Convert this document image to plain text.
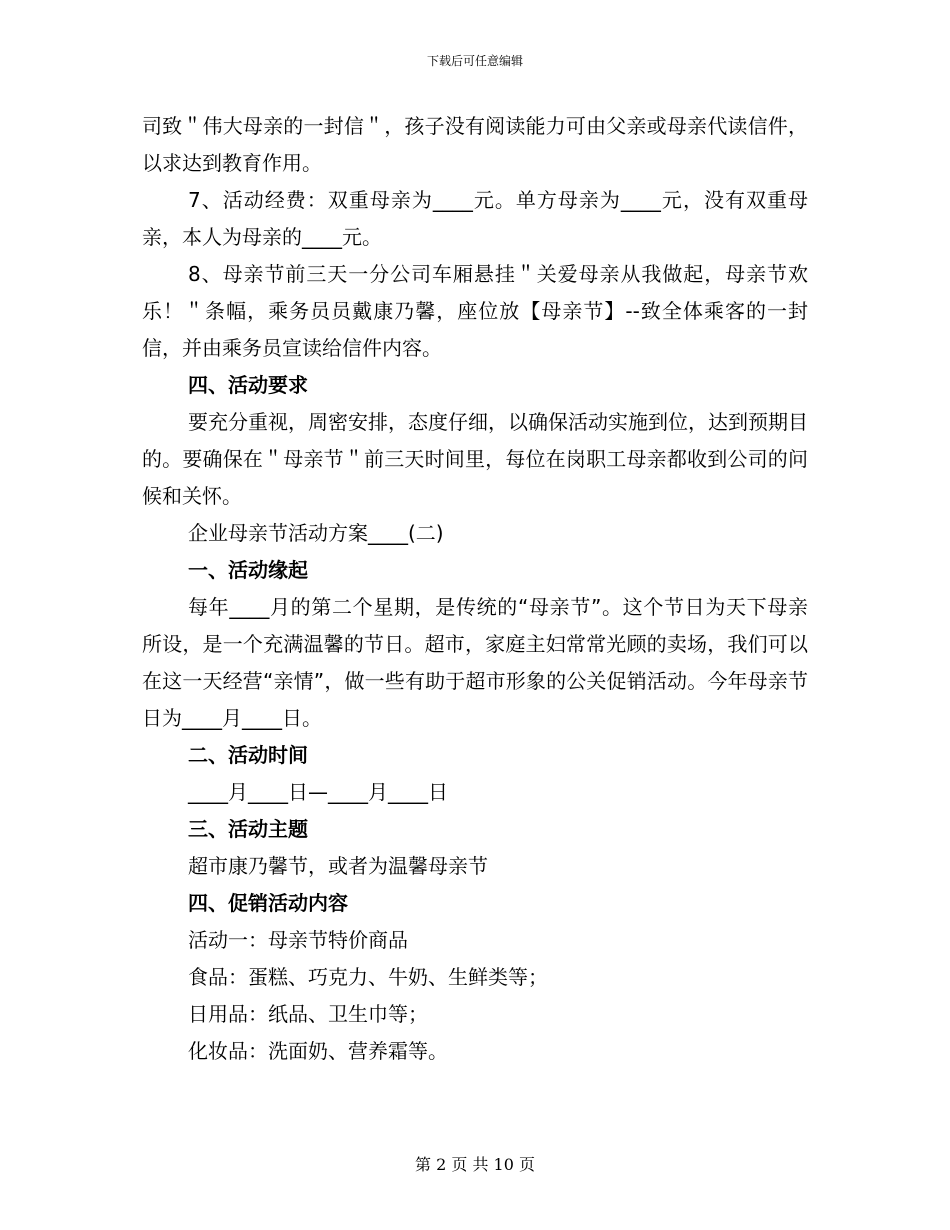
下载后可任意编辑

司致＂伟大母亲的一封信＂，孩子没有阅读能力可由父亲或母亲代读信件，以求达到教育作用。

7、活动经费：双重母亲为____元。单方母亲为____元，没有双重母亲，本人为母亲的____元。

8、母亲节前三天一分公司车厢悬挂＂关爱母亲从我做起，母亲节欢乐！＂条幅，乘务员员戴康乃馨，座位放【母亲节】--致全体乘客的一封信，并由乘务员宣读给信件内容。

四、活动要求

要充分重视，周密安排，态度仔细，以确保活动实施到位，达到预期目的。要确保在＂母亲节＂前三天时间里，每位在岗职工母亲都收到公司的问候和关怀。

企业母亲节活动方案____(二)

一、活动缘起

每年____月的第二个星期，是传统的“母亲节”。这个节日为天下母亲所设，是一个充满温馨的节日。超市，家庭主妇常常光顾的卖场，我们可以在这一天经营“亲情”，做一些有助于超市形象的公关促销活动。今年母亲节日为____月____日。

二、活动时间

____月____日—____月____日

三、活动主题

超市康乃馨节，或者为温馨母亲节

四、促销活动内容

活动一：母亲节特价商品

食品：蛋糕、巧克力、牛奶、生鲜类等；

日用品：纸品、卫生巾等；

化妆品：洗面奶、营养霜等。

第 2 页 共 10 页
